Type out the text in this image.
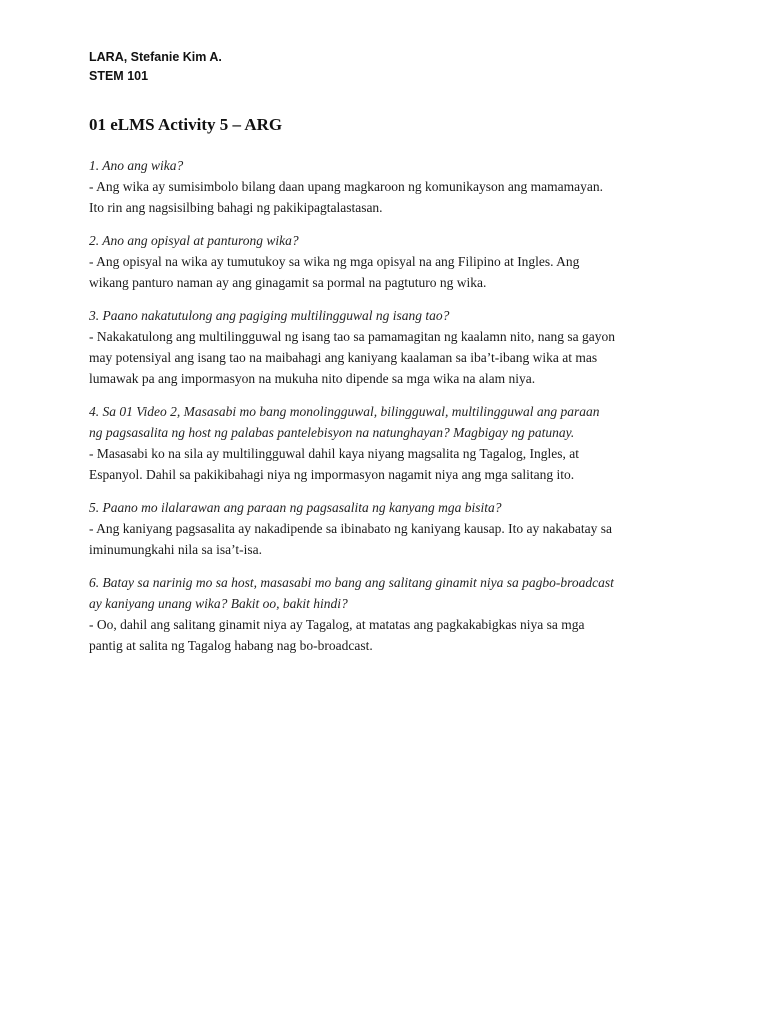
LARA, Stefanie Kim A.
STEM 101
01 eLMS Activity 5 – ARG
1. Ano ang wika?
- Ang wika ay sumisimbolo bilang daan upang magkaroon ng komunikayson ang mamamayan.
Ito rin ang nagsisilbing bahagi ng pakikipagtalastasan.
2. Ano ang opisyal at panturong wika?
- Ang opisyal na wika ay tumutukoy sa wika ng mga opisyal na ang Filipino at Ingles. Ang
wikang panturo naman ay ang ginagamit sa pormal na pagtuturo ng wika.
3. Paano nakatutulong ang pagiging multilingguwal ng isang tao?
- Nakakatulong ang multilingguwal ng isang tao sa pamamagitan ng kaalamn nito, nang sa gayon
may potensiyal ang isang tao na maibahagi ang kaniyang kaalaman sa iba’t-ibang wika at mas
lumawak pa ang impormasyon na mukuha nito dipende sa mga wika na alam niya.
4. Sa 01 Video 2, Masasabi mo bang monolingguwal, bilingguwal, multilingguwal ang paraan
ng pagsasalita ng host ng palabas pantelebisyon na natunghayan? Magbigay ng patunay.
- Masasabi ko na sila ay multilingguwal dahil kaya niyang magsalita ng Tagalog, Ingles, at
Espanyol. Dahil sa pakikibahagi niya ng impormasyon nagamit niya ang mga salitang ito.
5. Paano mo ilalarawan ang paraan ng pagsasalita ng kanyang mga bisita?
- Ang kaniyang pagsasalita ay nakadipende sa ibinabato ng kaniyang kausap. Ito ay nakabatay sa
iminumungkahi nila sa isa’t-isa.
6. Batay sa narinig mo sa host, masasabi mo bang ang salitang ginamit niya sa pagbo-broadcast
ay kaniyang unang wika? Bakit oo, bakit hindi?
- Oo, dahil ang salitang ginamit niya ay Tagalog, at matatas ang pagkakabigkas niya sa mga
pantig at salita ng Tagalog habang nag bo-broadcast.
